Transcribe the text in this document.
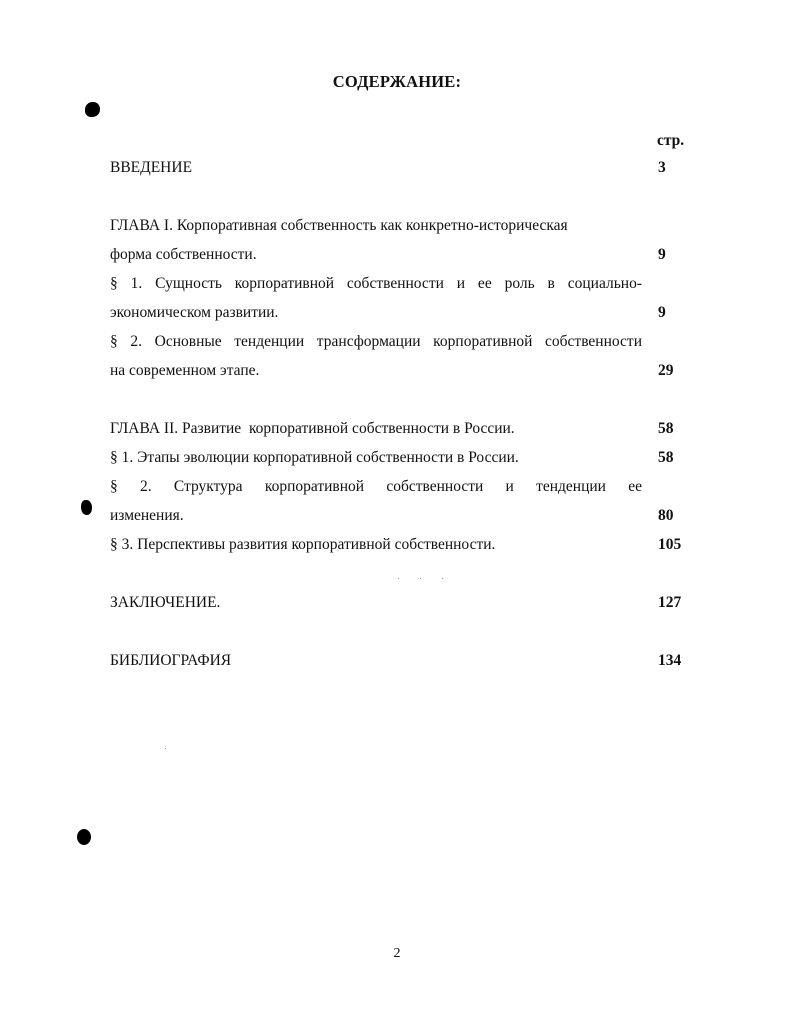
СОДЕРЖАНИЕ:
стр.
ВВЕДЕНИЕ	3
ГЛАВА I. Корпоративная собственность как конкретно-историческая
форма собственности.	9
§ 1. Сущность корпоративной собственности и ее роль в социально-
экономическом развитии.	9
§ 2. Основные тенденции трансформации корпоративной собственности
на современном этапе.	29
ГЛАВА II. Развитие  корпоративной собственности в России.	58
§ 1. Этапы эволюции корпоративной собственности в России.	58
§ 2. Структура корпоративной собственности и тенденции ее
изменения.	80
§ 3. Перспективы развития корпоративной собственности.	105
ЗАКЛЮЧЕНИЕ.	127
БИБЛИОГРАФИЯ	134
2
